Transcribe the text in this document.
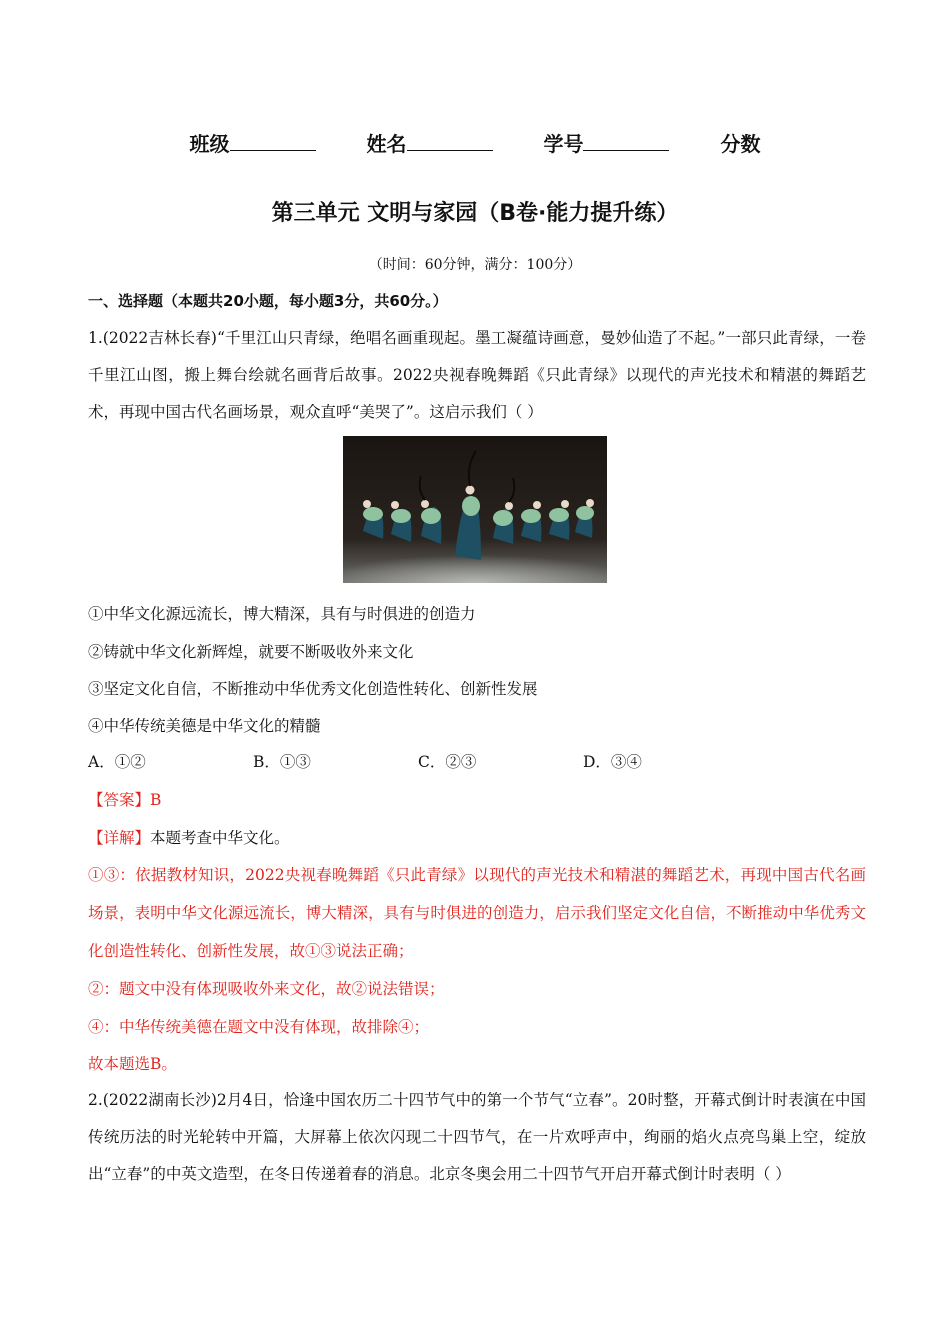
班级	姓名	学号	分数
第三单元 文明与家园（B卷·能力提升练）
（时间：60分钟，满分：100分）
一、选择题（本题共20小题，每小题3分，共60分。）
1.(2022吉林长春)“千里江山只青绿，绝唱名画重现起。墨工凝蕴诗画意，曼妙仙造了不起。”一部只此青绿，一卷千里江山图，搬上舞台绘就名画背后故事。2022央视春晚舞蹈《只此青绿》以现代的声光技术和精湛的舞蹈艺术，再现中国古代名画场景，观众直呼“美哭了”。这启示我们（ ）
①中华文化源远流长，博大精深，具有与时俱进的创造力
②铸就中华文化新辉煌，就要不断吸收外来文化
③坚定文化自信，不断推动中华优秀文化创造性转化、创新性发展
④中华传统美德是中华文化的精髓
A．①②	B．①③	C．②③	D．③④
【答案】B
【详解】本题考查中华文化。
①③：依据教材知识，2022央视春晚舞蹈《只此青绿》以现代的声光技术和精湛的舞蹈艺术，再现中国古代名画场景，表明中华文化源远流长，博大精深，具有与时俱进的创造力，启示我们坚定文化自信，不断推动中华优秀文化创造性转化、创新性发展，故①③说法正确；
②：题文中没有体现吸收外来文化，故②说法错误；
④：中华传统美德在题文中没有体现，故排除④；
故本题选B。
2.(2022湖南长沙)2月4日，恰逢中国农历二十四节气中的第一个节气“立春”。20时整，开幕式倒计时表演在中国传统历法的时光轮转中开篇，大屏幕上依次闪现二十四节气，在一片欢呼声中，绚丽的焰火点亮鸟巢上空，绽放出“立春”的中英文造型，在冬日传递着春的消息。北京冬奥会用二十四节气开启开幕式倒计时表明（ ）
